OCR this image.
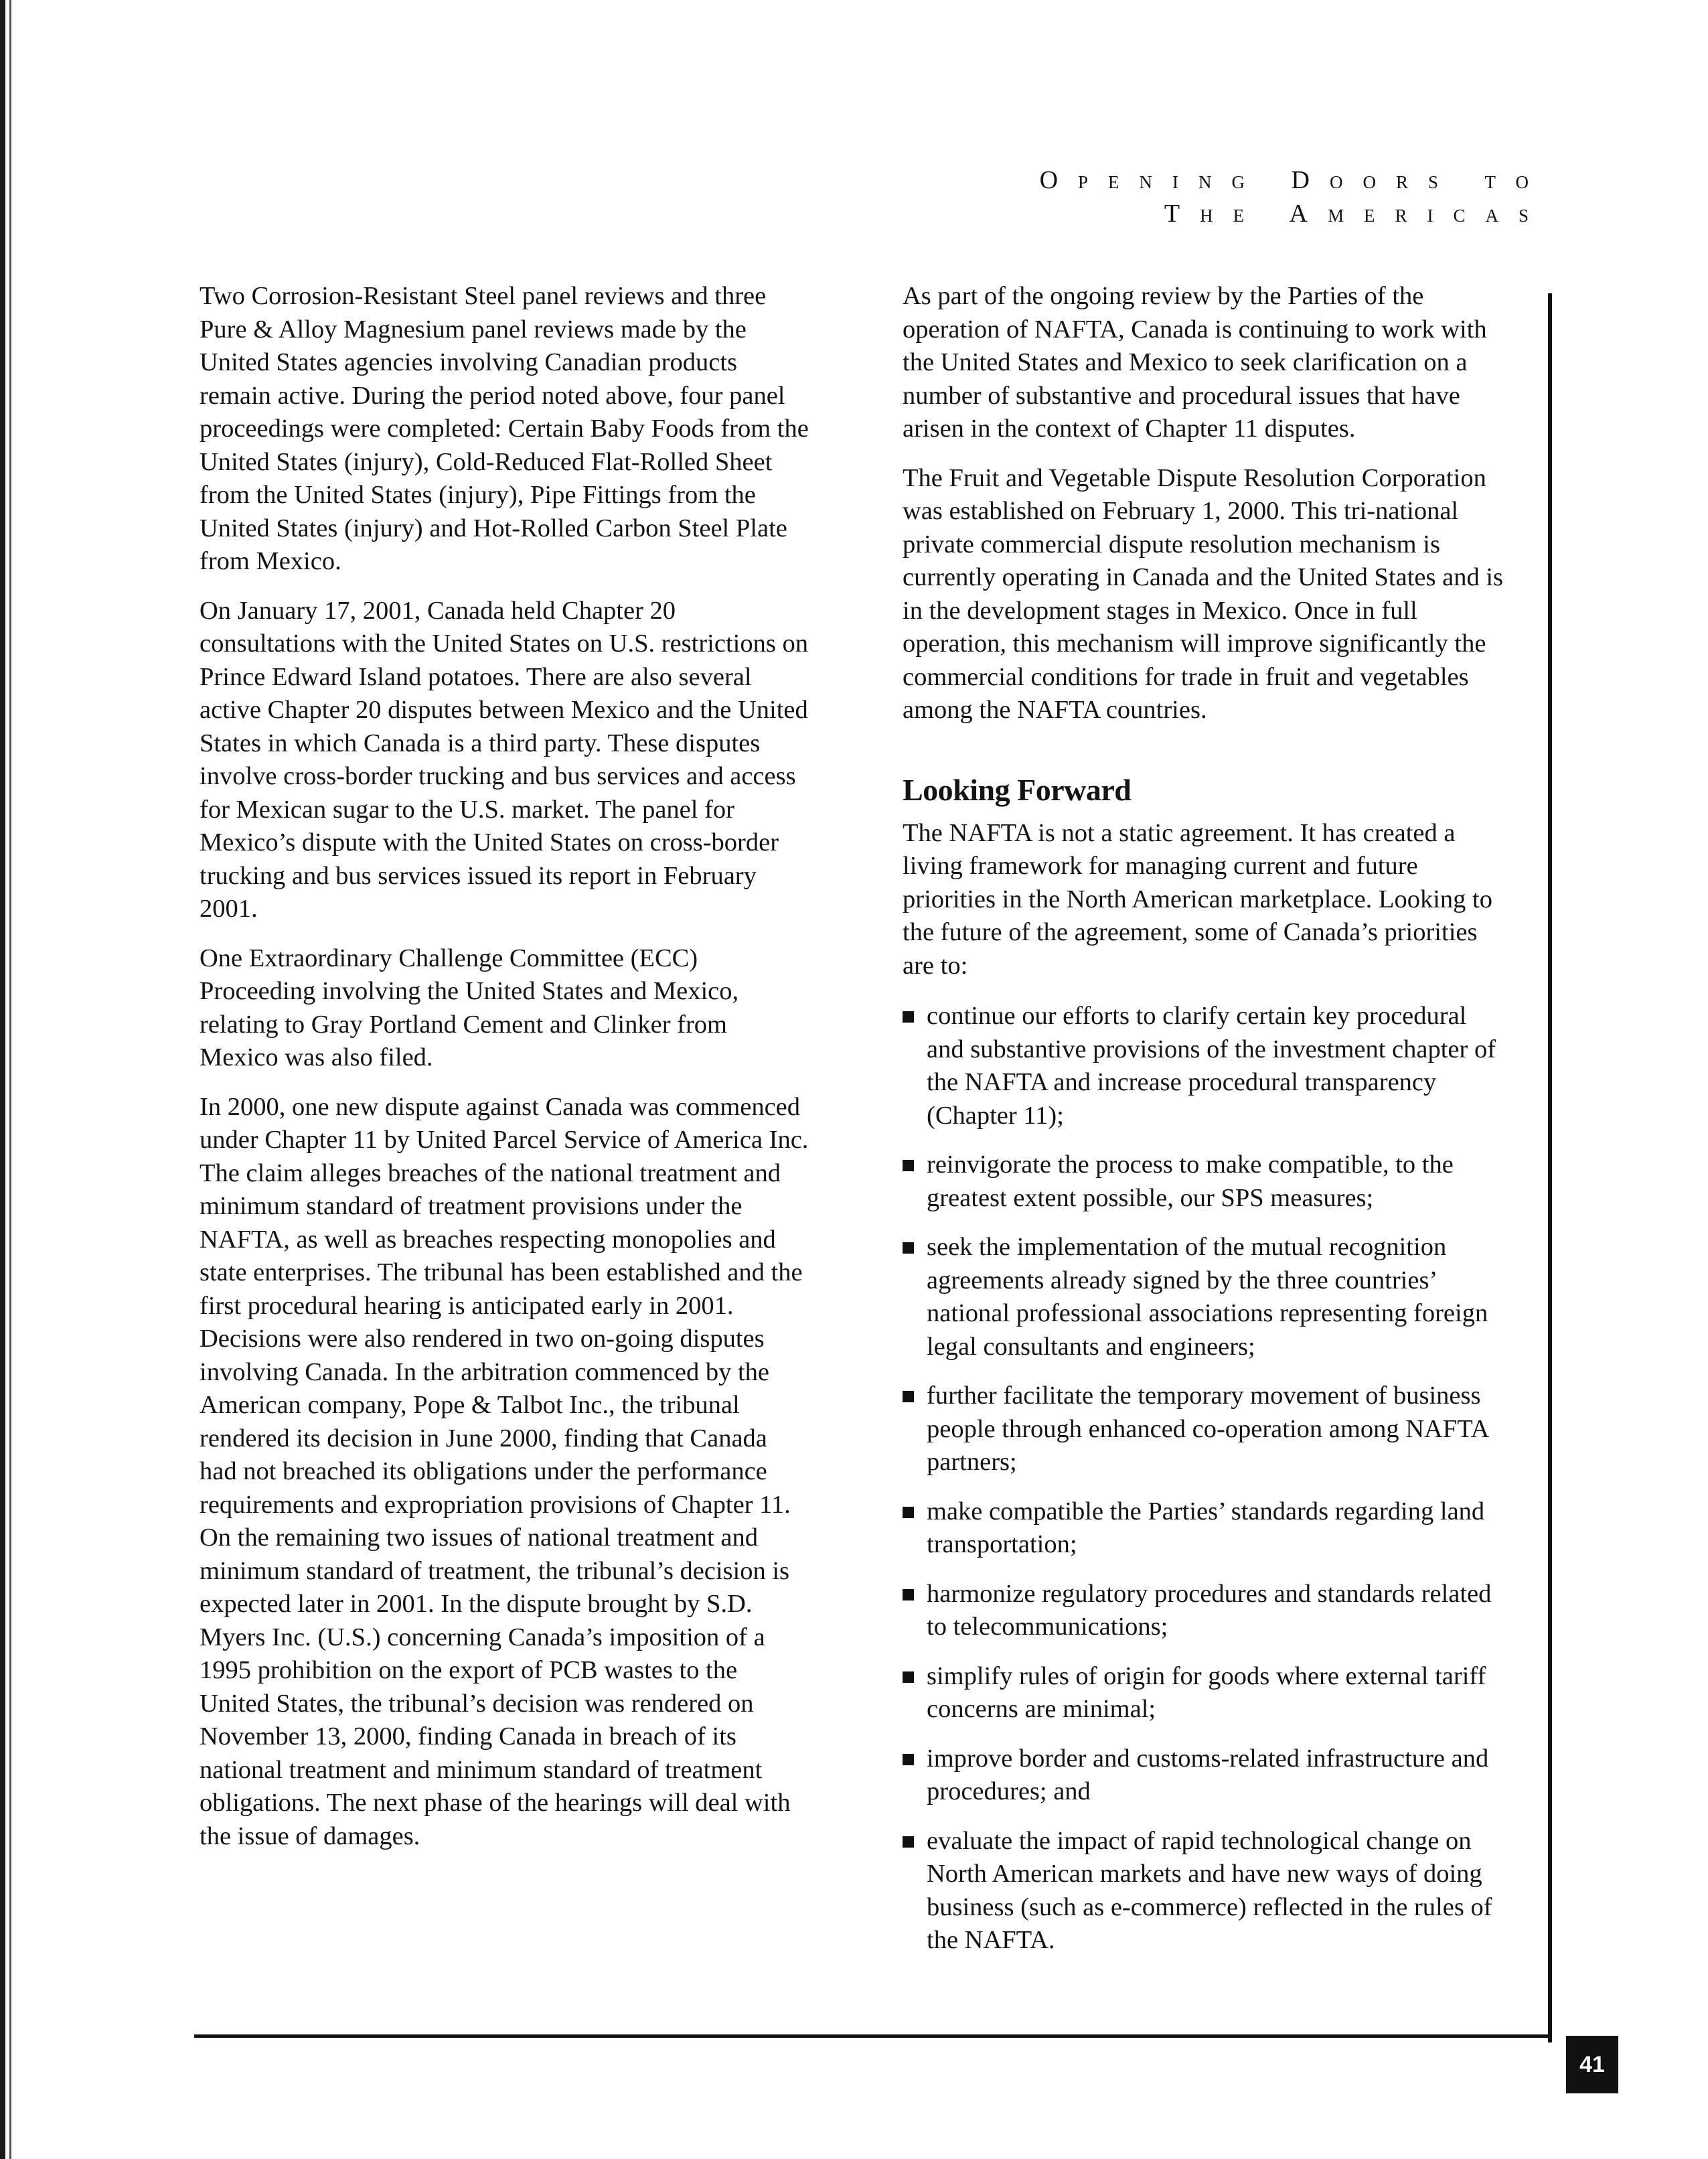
Opening Doors to
The Americas

Two Corrosion-Resistant Steel panel reviews and three Pure & Alloy Magnesium panel reviews made by the United States agencies involving Canadian products remain active. During the period noted above, four panel proceedings were completed: Certain Baby Foods from the United States (injury), Cold-Reduced Flat-Rolled Sheet from the United States (injury), Pipe Fittings from the United States (injury) and Hot-Rolled Carbon Steel Plate from Mexico.

On January 17, 2001, Canada held Chapter 20 consultations with the United States on U.S. restrictions on Prince Edward Island potatoes. There are also several active Chapter 20 disputes between Mexico and the United States in which Canada is a third party. These disputes involve cross-border trucking and bus services and access for Mexican sugar to the U.S. market. The panel for Mexico’s dispute with the United States on cross-border trucking and bus services issued its report in February 2001.

One Extraordinary Challenge Committee (ECC) Proceeding involving the United States and Mexico, relating to Gray Portland Cement and Clinker from Mexico was also filed.

In 2000, one new dispute against Canada was commenced under Chapter 11 by United Parcel Service of America Inc. The claim alleges breaches of the national treatment and minimum standard of treatment provisions under the NAFTA, as well as breaches respecting monopolies and state enterprises. The tribunal has been established and the first procedural hearing is anticipated early in 2001. Decisions were also rendered in two on-going disputes involving Canada. In the arbitration commenced by the American company, Pope & Talbot Inc., the tribunal rendered its decision in June 2000, finding that Canada had not breached its obligations under the performance requirements and expropriation provisions of Chapter 11. On the remaining two issues of national treatment and minimum standard of treatment, the tribunal’s decision is expected later in 2001. In the dispute brought by S.D. Myers Inc. (U.S.) concerning Canada’s imposition of a 1995 prohibition on the export of PCB wastes to the United States, the tribunal’s decision was rendered on November 13, 2000, finding Canada in breach of its national treatment and minimum standard of treatment obligations. The next phase of the hearings will deal with the issue of damages.

As part of the ongoing review by the Parties of the operation of NAFTA, Canada is continuing to work with the United States and Mexico to seek clarification on a number of substantive and procedural issues that have arisen in the context of Chapter 11 disputes.

The Fruit and Vegetable Dispute Resolution Corporation was established on February 1, 2000. This tri-national private commercial dispute resolution mechanism is currently operating in Canada and the United States and is in the development stages in Mexico. Once in full operation, this mechanism will improve significantly the commercial conditions for trade in fruit and vegetables among the NAFTA countries.

Looking Forward

The NAFTA is not a static agreement. It has created a living framework for managing current and future priorities in the North American marketplace. Looking to the future of the agreement, some of Canada’s priorities are to:

continue our efforts to clarify certain key procedural and substantive provisions of the investment chapter of the NAFTA and increase procedural transparency (Chapter 11);
reinvigorate the process to make compatible, to the greatest extent possible, our SPS measures;
seek the implementation of the mutual recognition agreements already signed by the three countries’ national professional associations representing foreign legal consultants and engineers;
further facilitate the temporary movement of business people through enhanced co-operation among NAFTA partners;
make compatible the Parties’ standards regarding land transportation;
harmonize regulatory procedures and standards related to telecommunications;
simplify rules of origin for goods where external tariff concerns are minimal;
improve border and customs-related infrastructure and procedures; and
evaluate the impact of rapid technological change on North American markets and have new ways of doing business (such as e-commerce) reflected in the rules of the NAFTA.
41
